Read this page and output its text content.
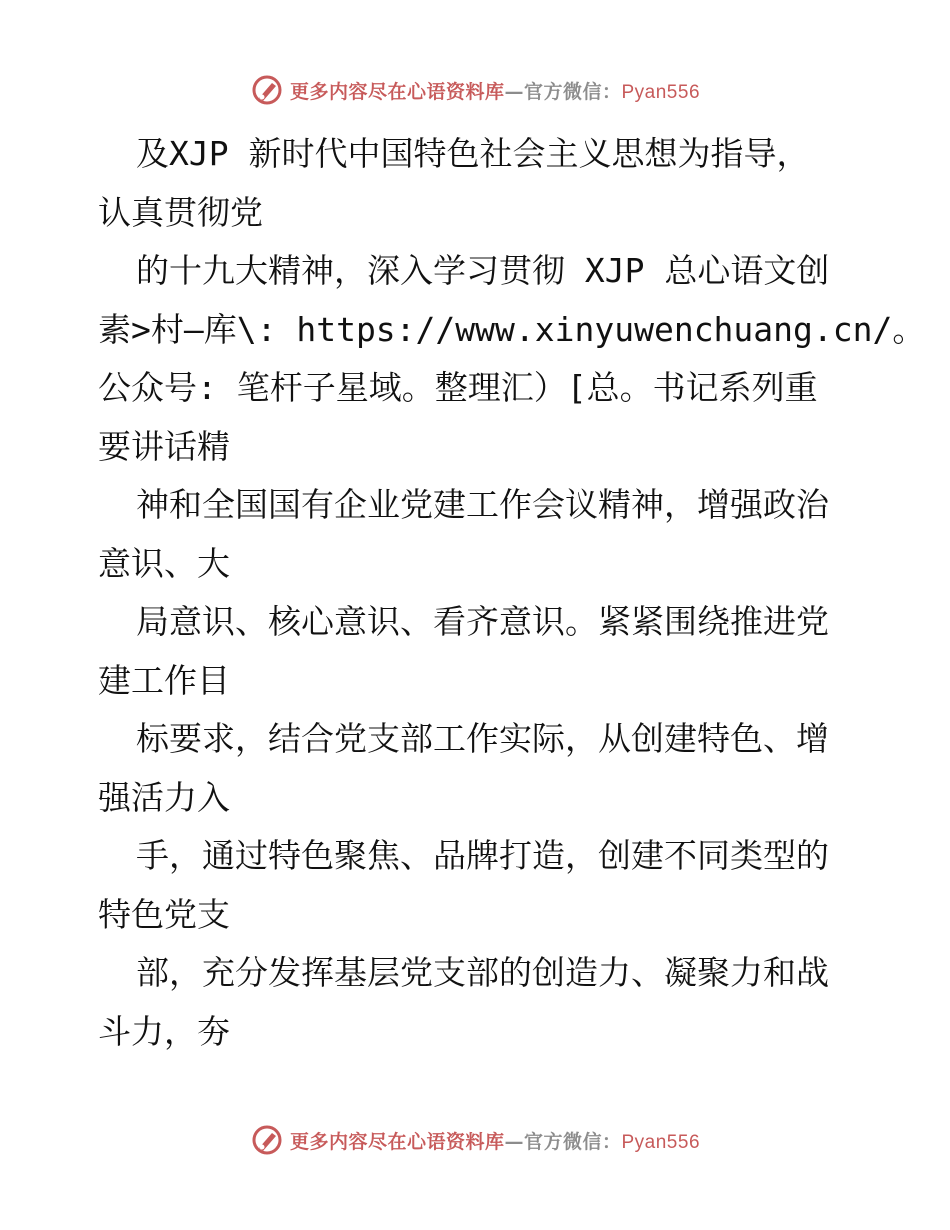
更多内容尽在心语资料库—官方微信：Pyan556
及XJP 新时代中国特色社会主义思想为指导，
认真贯彻党
的十九大精神，深入学习贯彻 XJP 总心语文创
素>村—库\: https://www.xinyuwenchuang.cn/。
公众号: 笔杆子星域。整理汇）[总。书记系列重
要讲话精
神和全国国有企业党建工作会议精神，增强政治
意识、大
局意识、核心意识、看齐意识。紧紧围绕推进党
建工作目
标要求，结合党支部工作实际，从创建特色、增
强活力入
手，通过特色聚焦、品牌打造，创建不同类型的
特色党支
部，充分发挥基层党支部的创造力、凝聚力和战
斗力，夯
更多内容尽在心语资料库—官方微信：Pyan556
